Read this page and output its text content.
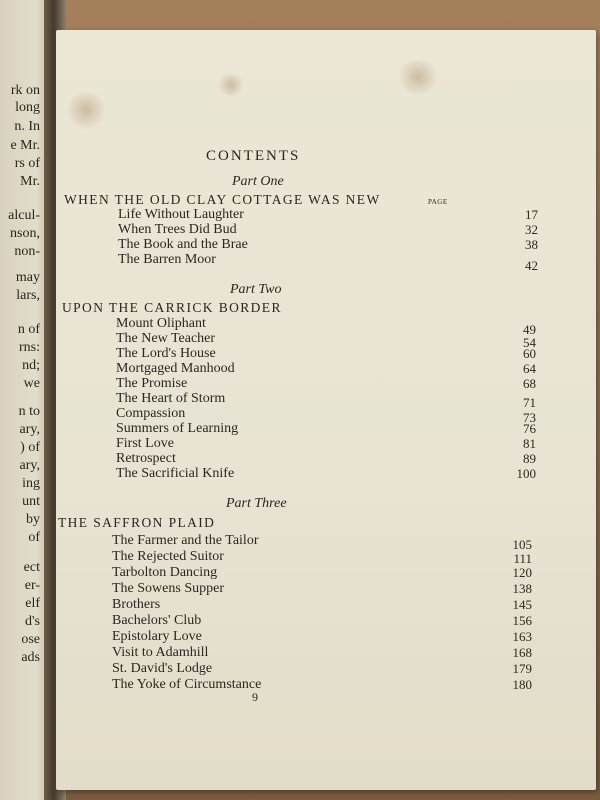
rk on
long
n. In
e Mr.
rs of
Mr.
alcul-
nson,
non-
may
lars,
n of
rns:
nd;
we
n to
ary,
) of
ary,
ing
unt
by
of
ect
er-
elf
d's
ose
ads
CONTENTS
Part One
WHEN THE OLD CLAY COTTAGE WAS NEW	PAGE
Life Without Laughter	17
When Trees Did Bud	32
The Book and the Brae	38
The Barren Moor	42
Part Two
UPON THE CARRICK BORDER
Mount Oliphant	49
The New Teacher	54
The Lord's House	60
Mortgaged Manhood	64
The Promise	68
The Heart of Storm	71
Compassion	73
Summers of Learning	76
First Love	81
Retrospect	89
The Sacrificial Knife	100
Part Three
THE SAFFRON PLAID
The Farmer and the Tailor	105
The Rejected Suitor	111
Tarbolton Dancing	120
The Sowens Supper	138
Brothers	145
Bachelors' Club	156
Epistolary Love	163
Visit to Adamhill	168
St. David's Lodge	179
The Yoke of Circumstance	180
9
